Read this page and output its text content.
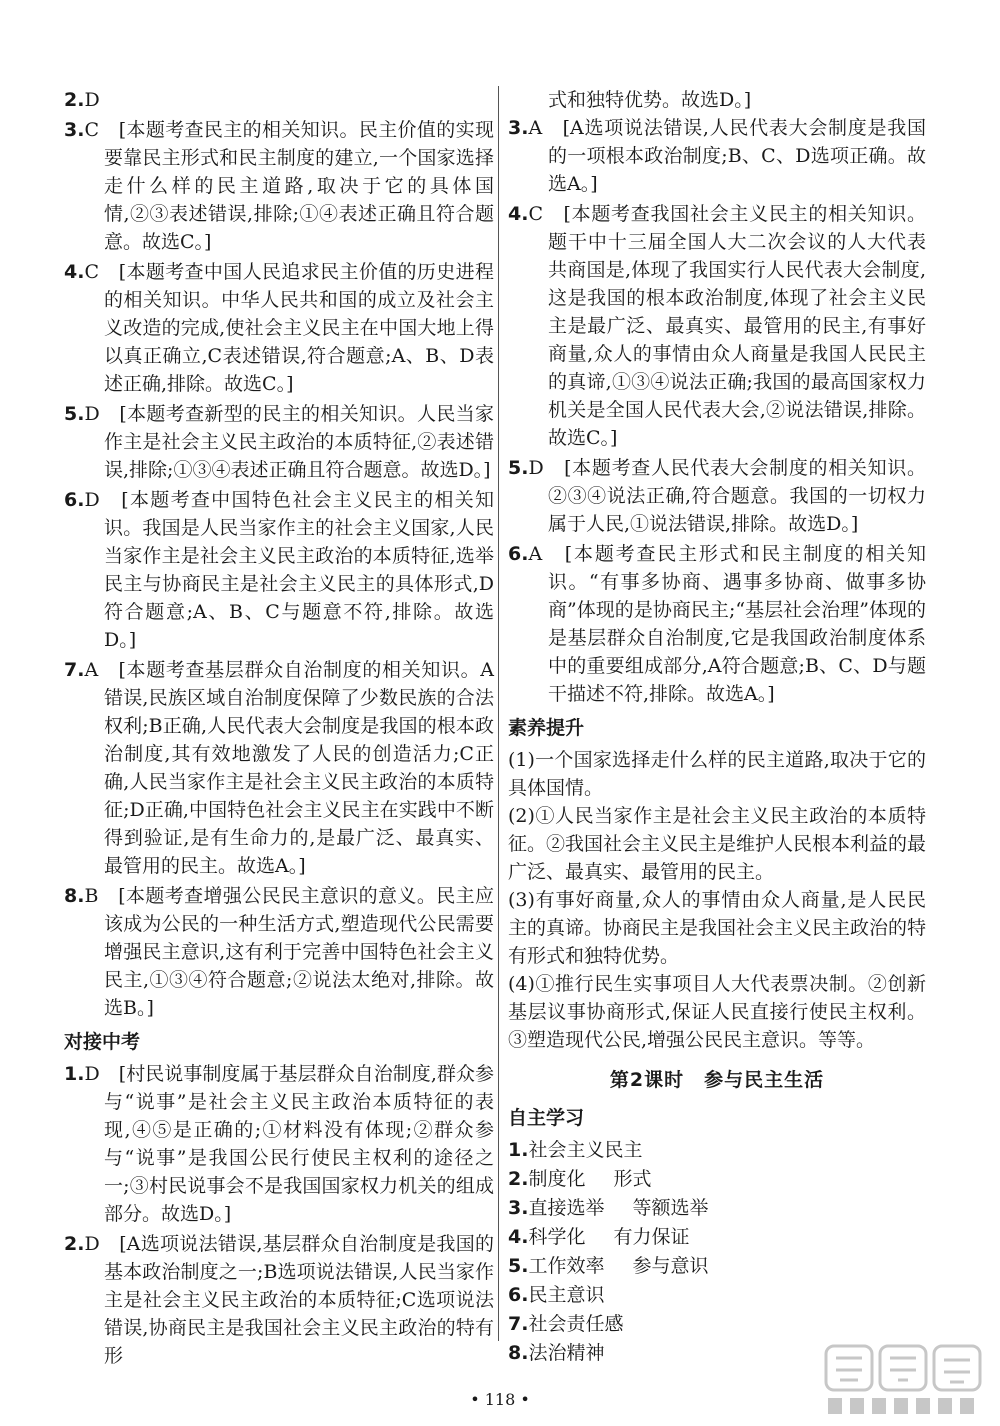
2.D

3.C　[本题考查民主的相关知识。民主价值的实现要靠民主形式和民主制度的建立,一个国家选择走什么样的民主道路,取决于它的具体国情,②③表述错误,排除;①④表述正确且符合题意。故选C。]

4.C　[本题考查中国人民追求民主价值的历史进程的相关知识。中华人民共和国的成立及社会主义改造的完成,使社会主义民主在中国大地上得以真正确立,C表述错误,符合题意;A、B、D表述正确,排除。故选C。]

5.D　[本题考查新型的民主的相关知识。人民当家作主是社会主义民主政治的本质特征,②表述错误,排除;①③④表述正确且符合题意。故选D。]

6.D　[本题考查中国特色社会主义民主的相关知识。我国是人民当家作主的社会主义国家,人民当家作主是社会主义民主政治的本质特征,选举民主与协商民主是社会主义民主的具体形式,D符合题意;A、B、C与题意不符,排除。故选D。]

7.A　[本题考查基层群众自治制度的相关知识。A错误,民族区域自治制度保障了少数民族的合法权利;B正确,人民代表大会制度是我国的根本政治制度,其有效地激发了人民的创造活力;C正确,人民当家作主是社会主义民主政治的本质特征;D正确,中国特色社会主义民主在实践中不断得到验证,是有生命力的,是最广泛、最真实、最管用的民主。故选A。]

8.B　[本题考查增强公民民主意识的意义。民主应该成为公民的一种生活方式,塑造现代公民需要增强民主意识,这有利于完善中国特色社会主义民主,①③④符合题意;②说法太绝对,排除。故选B。]

对接中考

1.D　[村民说事制度属于基层群众自治制度,群众参与“说事”是社会主义民主政治本质特征的表现,④⑤是正确的;①材料没有体现;②群众参与“说事”是我国公民行使民主权利的途径之一;③村民说事会不是我国国家权力机关的组成部分。故选D。]

2.D　[A选项说法错误,基层群众自治制度是我国的基本政治制度之一;B选项说法错误,人民当家作主是社会主义民主政治的本质特征;C选项说法错误,协商民主是我国社会主义民主政治的特有形

式和独特优势。故选D。]

3.A　[A选项说法错误,人民代表大会制度是我国的一项根本政治制度;B、C、D选项正确。故选A。]

4.C　[本题考查我国社会主义民主的相关知识。题干中十三届全国人大二次会议的人大代表共商国是,体现了我国实行人民代表大会制度,这是我国的根本政治制度,体现了社会主义民主是最广泛、最真实、最管用的民主,有事好商量,众人的事情由众人商量是我国人民民主的真谛,①③④说法正确;我国的最高国家权力机关是全国人民代表大会,②说法错误,排除。故选C。]

5.D　[本题考查人民代表大会制度的相关知识。②③④说法正确,符合题意。我国的一切权力属于人民,①说法错误,排除。故选D。]

6.A　[本题考查民主形式和民主制度的相关知识。“有事多协商、遇事多协商、做事多协商”体现的是协商民主;“基层社会治理”体现的是基层群众自治制度,它是我国政治制度体系中的重要组成部分,A符合题意;B、C、D与题干描述不符,排除。故选A。]

素养提升

(1)一个国家选择走什么样的民主道路,取决于它的具体国情。

(2)①人民当家作主是社会主义民主政治的本质特征。②我国社会主义民主是维护人民根本利益的最广泛、最真实、最管用的民主。

(3)有事好商量,众人的事情由众人商量,是人民民主的真谛。协商民主是我国社会主义民主政治的特有形式和独特优势。

(4)①推行民生实事项目人大代表票决制。②创新基层议事协商形式,保证人民直接行使民主权利。③塑造现代公民,增强公民民主意识。等等。

第2课时　参与民主生活
自主学习

1.社会主义民主

2.制度化 形式

3.直接选举 等额选举

4.科学化 有力保证

5.工作效率 参与意识

6.民主意识

7.社会责任感

8.法治精神

• 118 •
